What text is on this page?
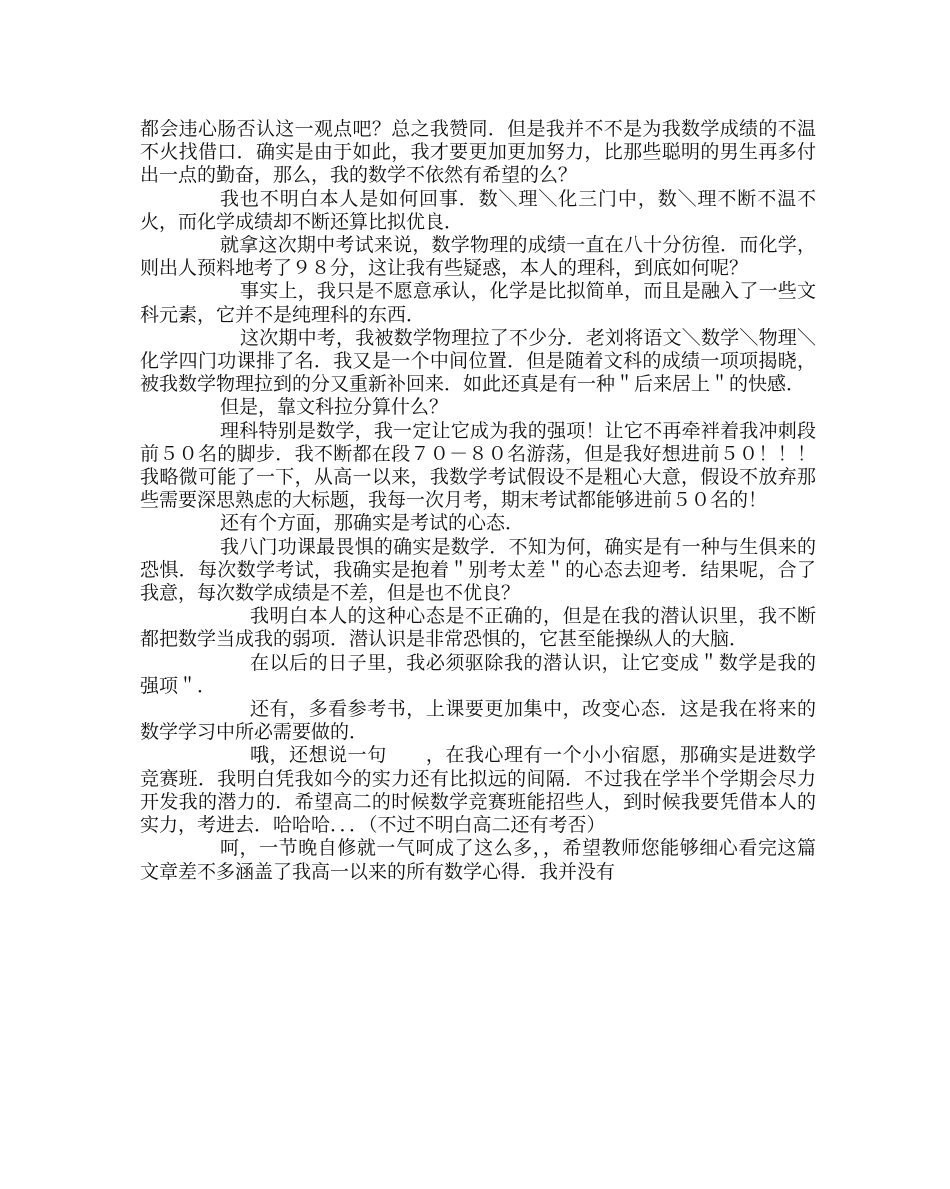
都会违心肠否认这一观点吧？总之我赞同．但是我并不不是为我数学成绩的不温不火找借口．确实是由于如此，我才要更加更加努力，比那些聪明的男生再多付出一点的勤奋，那么，我的数学不依然有希望的么？

我也不明白本人是如何回事．数＼理＼化三门中，数＼理不断不温不火，而化学成绩却不断还算比拟优良．

就拿这次期中考试来说，数学物理的成绩一直在八十分彷徨．而化学，则出人预料地考了９８分，这让我有些疑惑，本人的理科，到底如何呢？

事实上，我只是不愿意承认，化学是比拟简单，而且是融入了一些文科元素，它并不是纯理科的东西．

这次期中考，我被数学物理拉了不少分．老刘将语文＼数学＼物理＼化学四门功课排了名．我又是一个中间位置．但是随着文科的成绩一项项揭晓，被我数学物理拉到的分又重新补回来．如此还真是有一种＂后来居上＂的快感．

但是，靠文科拉分算什么？

理科特别是数学，我一定让它成为我的强项！让它不再牵袢着我冲刺段前５０名的脚步．我不断都在段７０－８０名游荡，但是我好想进前５０！！！我略微可能了一下，从高一以来，我数学考试假设不是粗心大意，假设不放弃那些需要深思熟虑的大标题，我每一次月考，期末考试都能够进前５０名的！

还有个方面，那确实是考试的心态．

我八门功课最畏惧的确实是数学．不知为何，确实是有一种与生俱来的恐惧．每次数学考试，我确实是抱着＂别考太差＂的心态去迎考．结果呢，合了我意，每次数学成绩是不差，但是也不优良？

我明白本人的这种心态是不正确的，但是在我的潜认识里，我不断都把数学当成我的弱项．潜认识是非常恐惧的，它甚至能操纵人的大脑．

在以后的日子里，我必须驱除我的潜认识，让它变成＂数学是我的强项＂．

还有，多看参考书，上课要更加集中，改变心态．这是我在将来的数学学习中所必需要做的．

哦，还想说一句　　，在我心理有一个小小宿愿，那确实是进数学竞赛班．我明白凭我如今的实力还有比拟远的间隔．不过我在学半个学期会尽力开发我的潜力的．希望高二的时候数学竞赛班能招些人，到时候我要凭借本人的实力，考进去．哈哈哈．．．（不过不明白高二还有考否）

呵，一节晚自修就一气呵成了这么多，，希望教师您能够细心看完这篇文章差不多涵盖了我高一以来的所有数学心得．我并没有
